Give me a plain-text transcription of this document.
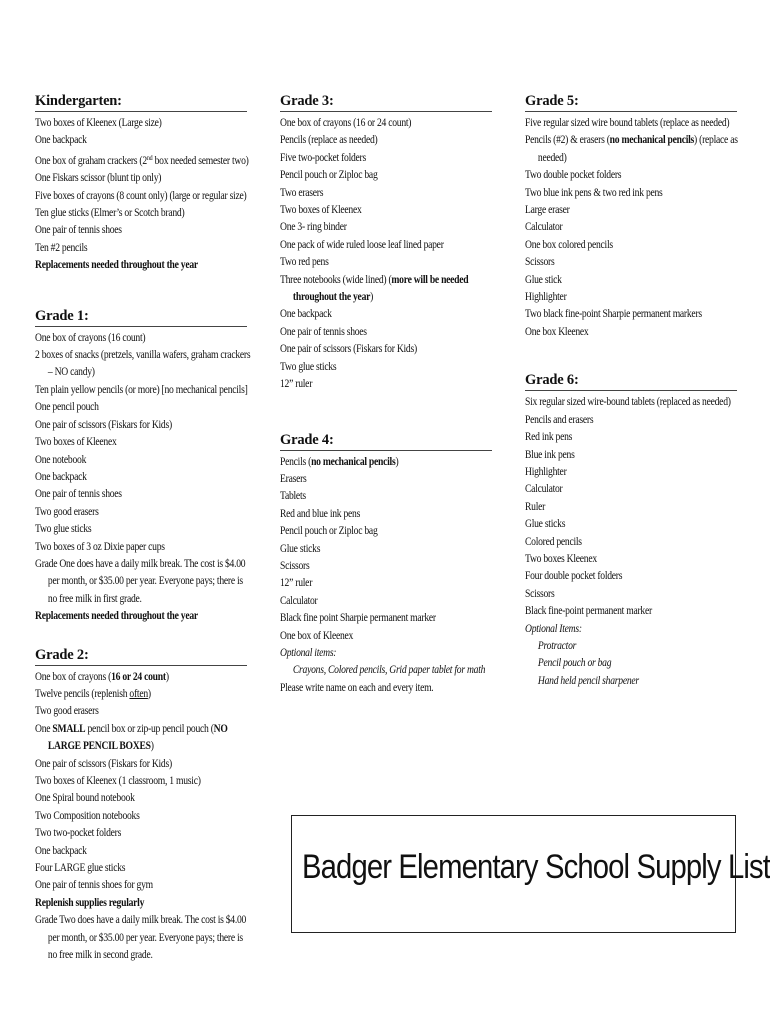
Kindergarten:
Two boxes of Kleenex (Large size)
One backpack
One box of graham crackers (2nd box needed semester two)
One Fiskars scissor (blunt tip only)
Five boxes of crayons (8 count only) (large or regular size)
Ten glue sticks (Elmer’s or Scotch brand)
One pair of tennis shoes
Ten #2 pencils
Replacements needed throughout the year
Grade 1:
One box of crayons (16 count)
2 boxes of snacks (pretzels, vanilla wafers, graham crackers
– NO candy)
Ten plain yellow pencils (or more) [no mechanical pencils]
One pencil pouch
One pair of scissors (Fiskars for Kids)
Two boxes of Kleenex
One notebook
One backpack
One pair of tennis shoes
Two good erasers
Two glue sticks
Two boxes of 3 oz Dixie paper cups
Grade One does have a daily milk break. The cost is $4.00
per month, or $35.00 per year. Everyone pays; there is
no free milk in first grade.
Replacements needed throughout the year
Grade 2:
One box of crayons (16 or 24 count)
Twelve pencils (replenish often)
Two good erasers
One SMALL pencil box or zip-up pencil pouch (NO
LARGE PENCIL BOXES)
One pair of scissors (Fiskars for Kids)
Two boxes of Kleenex (1 classroom, 1 music)
One Spiral bound notebook
Two Composition notebooks
Two two-pocket folders
One backpack
Four LARGE glue sticks
One pair of tennis shoes for gym
Replenish supplies regularly
Grade Two does have a daily milk break. The cost is $4.00
per month, or $35.00 per year. Everyone pays; there is
no free milk in second grade.
Grade 3:
One box of crayons (16 or 24 count)
Pencils (replace as needed)
Five two-pocket folders
Pencil pouch or Ziploc bag
Two erasers
Two boxes of Kleenex
One 3- ring binder
One pack of wide ruled loose leaf lined paper
Two red pens
Three notebooks (wide lined) (more will be needed
throughout the year)
One backpack
One pair of tennis shoes
One pair of scissors (Fiskars for Kids)
Two glue sticks
12” ruler
Grade 4:
Pencils (no mechanical pencils)
Erasers
Tablets
Red and blue ink pens
Pencil pouch or Ziploc bag
Glue sticks
Scissors
12” ruler
Calculator
Black fine point Sharpie permanent marker
One box of Kleenex
Optional items:
Crayons, Colored pencils, Grid paper tablet for math
Please write name on each and every item.
Grade 5:
Five regular sized wire bound tablets (replace as needed)
Pencils (#2) & erasers (no mechanical pencils) (replace as
needed)
Two double pocket folders
Two blue ink pens & two red ink pens
Large eraser
Calculator
One box colored pencils
Scissors
Glue stick
Highlighter
Two black fine-point Sharpie permanent markers
One box Kleenex
Grade 6:
Six regular sized wire-bound tablets (replaced as needed)
Pencils and erasers
Red ink pens
Blue ink pens
Highlighter
Calculator
Ruler
Glue sticks
Colored pencils
Two boxes Kleenex
Four double pocket folders
Scissors
Black fine-point permanent marker
Optional Items:
Protractor
Pencil pouch or bag
Hand held pencil sharpener
Badger Elementary School Supply List
